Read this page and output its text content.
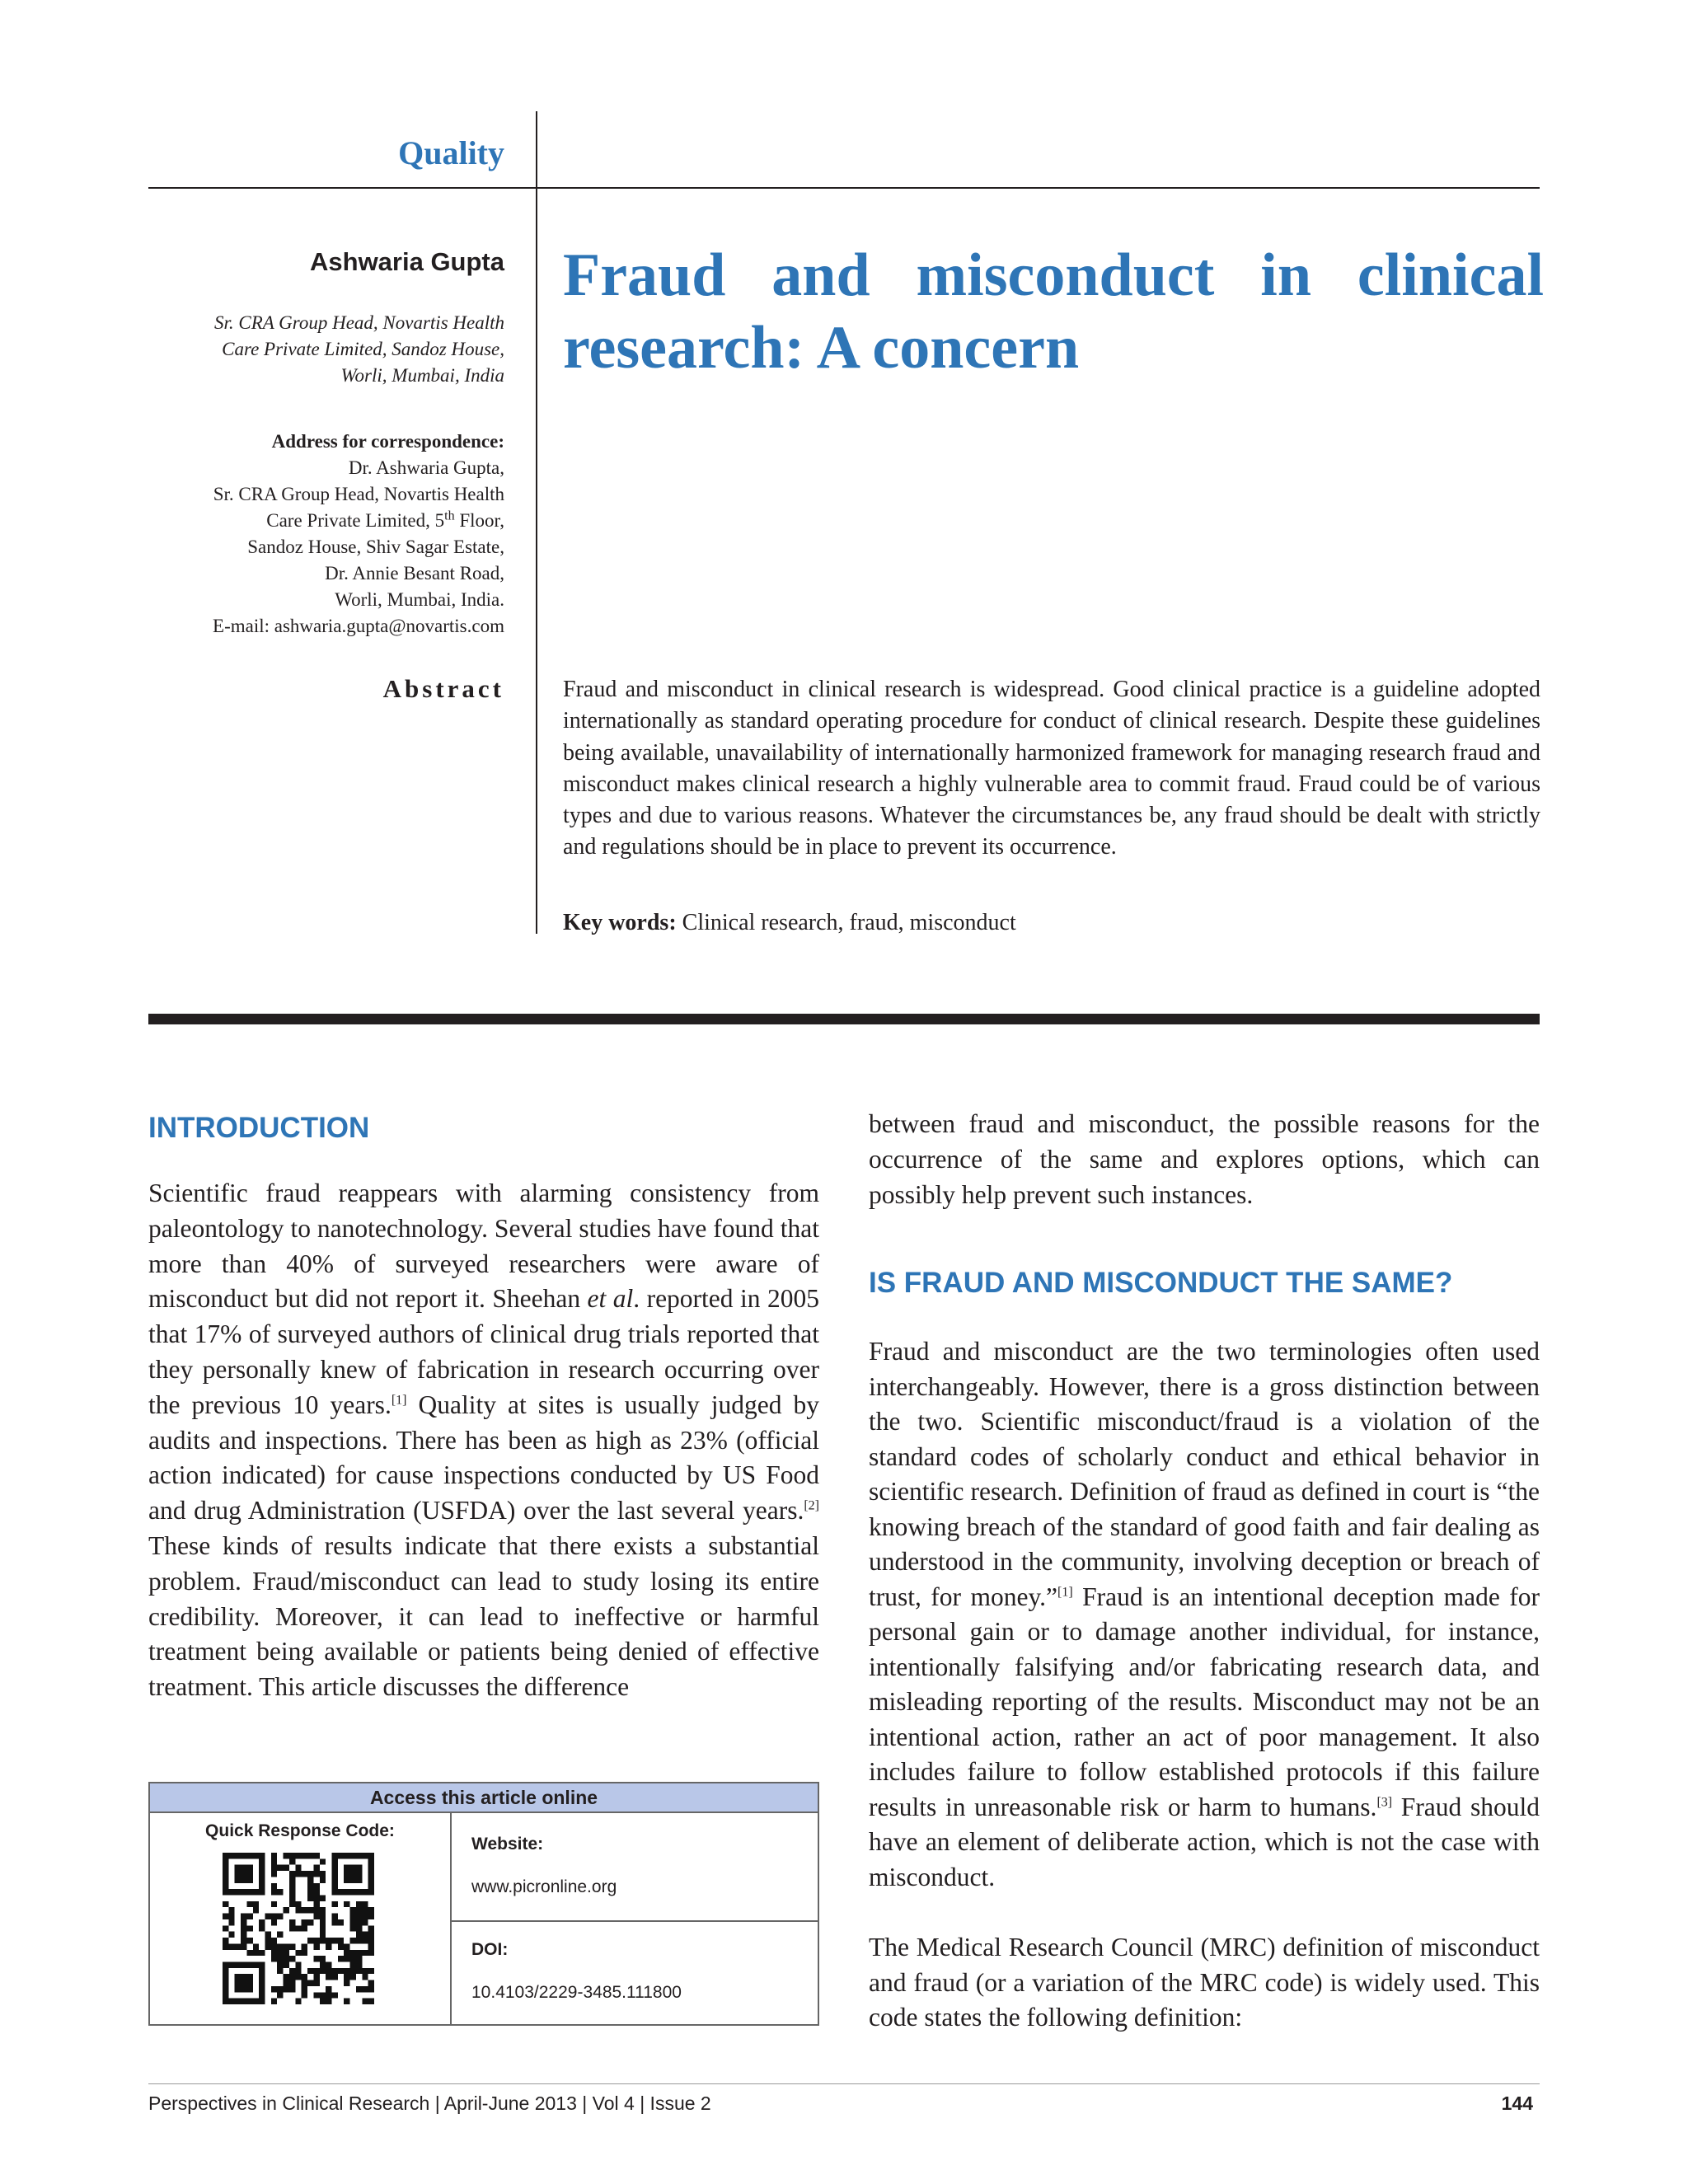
Quality
Ashwaria Gupta
Sr. CRA Group Head, Novartis Health
Care Private Limited, Sandoz House,
Worli, Mumbai, India
Address for correspondence:
Dr. Ashwaria Gupta,
Sr. CRA Group Head, Novartis Health
Care Private Limited, 5th Floor,
Sandoz House, Shiv Sagar Estate,
Dr. Annie Besant Road,
Worli, Mumbai, India.
E-mail: ashwaria.gupta@novartis.com
Abstract
Fraud and misconduct in clinical
research: A concern
Fraud and misconduct in clinical research is widespread. Good clinical practice is a guideline adopted internationally as standard operating procedure for conduct of clinical research. Despite these guidelines being available, unavailability of internationally harmonized framework for managing research fraud and misconduct makes clinical research a highly vulnerable area to commit fraud. Fraud could be of various types and due to various reasons. Whatever the circumstances be, any fraud should be dealt with strictly and regulations should be in place to prevent its occurrence.
Key words: Clinical research, fraud, misconduct
INTRODUCTION

Scientific fraud reappears with alarming consistency from paleontology to nanotechnology. Several studies have found that more than 40% of surveyed researchers were aware of misconduct but did not report it. Sheehan et al. reported in 2005 that 17% of surveyed authors of clinical drug trials reported that they personally knew of fabrication in research occurring over the previous 10 years.[1] Quality at sites is usually judged by audits and inspections. There has been as high as 23% (official action indicated) for cause inspections conducted by US Food and drug Administration (USFDA) over the last several years.[2] These kinds of results indicate that there exists a substantial problem. Fraud/misconduct can lead to study losing its entire credibility. Moreover, it can lead to ineffective or harmful treatment being available or patients being denied of effective treatment. This article discusses the difference

between fraud and misconduct, the possible reasons for the occurrence of the same and explores options, which can possibly help prevent such instances.

IS FRAUD AND MISCONDUCT THE SAME?

Fraud and misconduct are the two terminologies often used interchangeably. However, there is a gross distinction between the two. Scientific misconduct/fraud is a violation of the standard codes of scholarly conduct and ethical behavior in scientific research. Definition of fraud as defined in court is “the knowing breach of the standard of good faith and fair dealing as understood in the community, involving deception or breach of trust, for money.”[1] Fraud is an intentional deception made for personal gain or to damage another individual, for instance, intentionally falsifying and/or fabricating research data, and misleading reporting of the results. Misconduct may not be an intentional action, rather an act of poor management. It also includes failure to follow established protocols if this failure results in unreasonable risk or harm to humans.[3] Fraud should have an element of deliberate action, which is not the case with misconduct.

The Medical Research Council (MRC) definition of misconduct and fraud (or a variation of the MRC code) is widely used. This code states the following definition:

Access this article online
Quick Response Code:
Website:
www.picronline.org
DOI:
10.4103/2229-3485.111800
Perspectives in Clinical Research | April-June 2013 | Vol 4 | Issue 2	144
